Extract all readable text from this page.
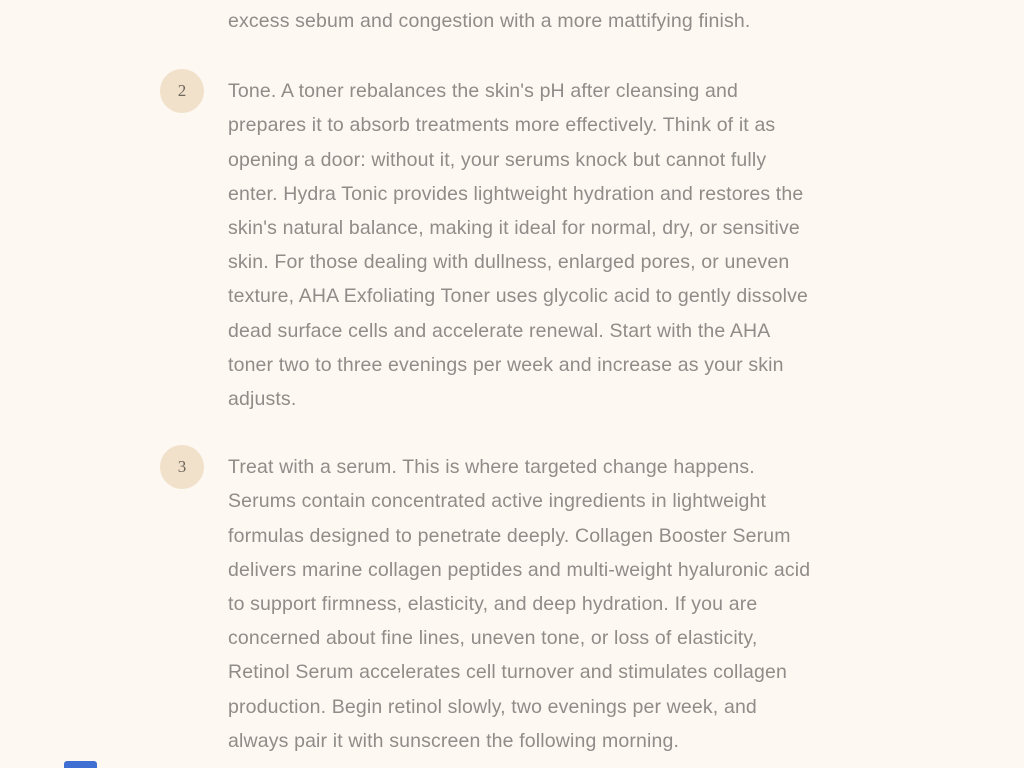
excess sebum and congestion with a more mattifying finish.
2	Tone. A toner rebalances the skin's pH after cleansing and
prepares it to absorb treatments more effectively. Think of it as
opening a door: without it, your serums knock but cannot fully
enter. Hydra Tonic provides lightweight hydration and restores the
skin's natural balance, making it ideal for normal, dry, or sensitive
skin. For those dealing with dullness, enlarged pores, or uneven
texture, AHA Exfoliating Toner uses glycolic acid to gently dissolve
dead surface cells and accelerate renewal. Start with the AHA
toner two to three evenings per week and increase as your skin
adjusts.
3	Treat with a serum. This is where targeted change happens.
Serums contain concentrated active ingredients in lightweight
formulas designed to penetrate deeply. Collagen Booster Serum
delivers marine collagen peptides and multi-weight hyaluronic acid
to support firmness, elasticity, and deep hydration. If you are
concerned about fine lines, uneven tone, or loss of elasticity,
Retinol Serum accelerates cell turnover and stimulates collagen
production. Begin retinol slowly, two evenings per week, and
always pair it with sunscreen the following morning.
